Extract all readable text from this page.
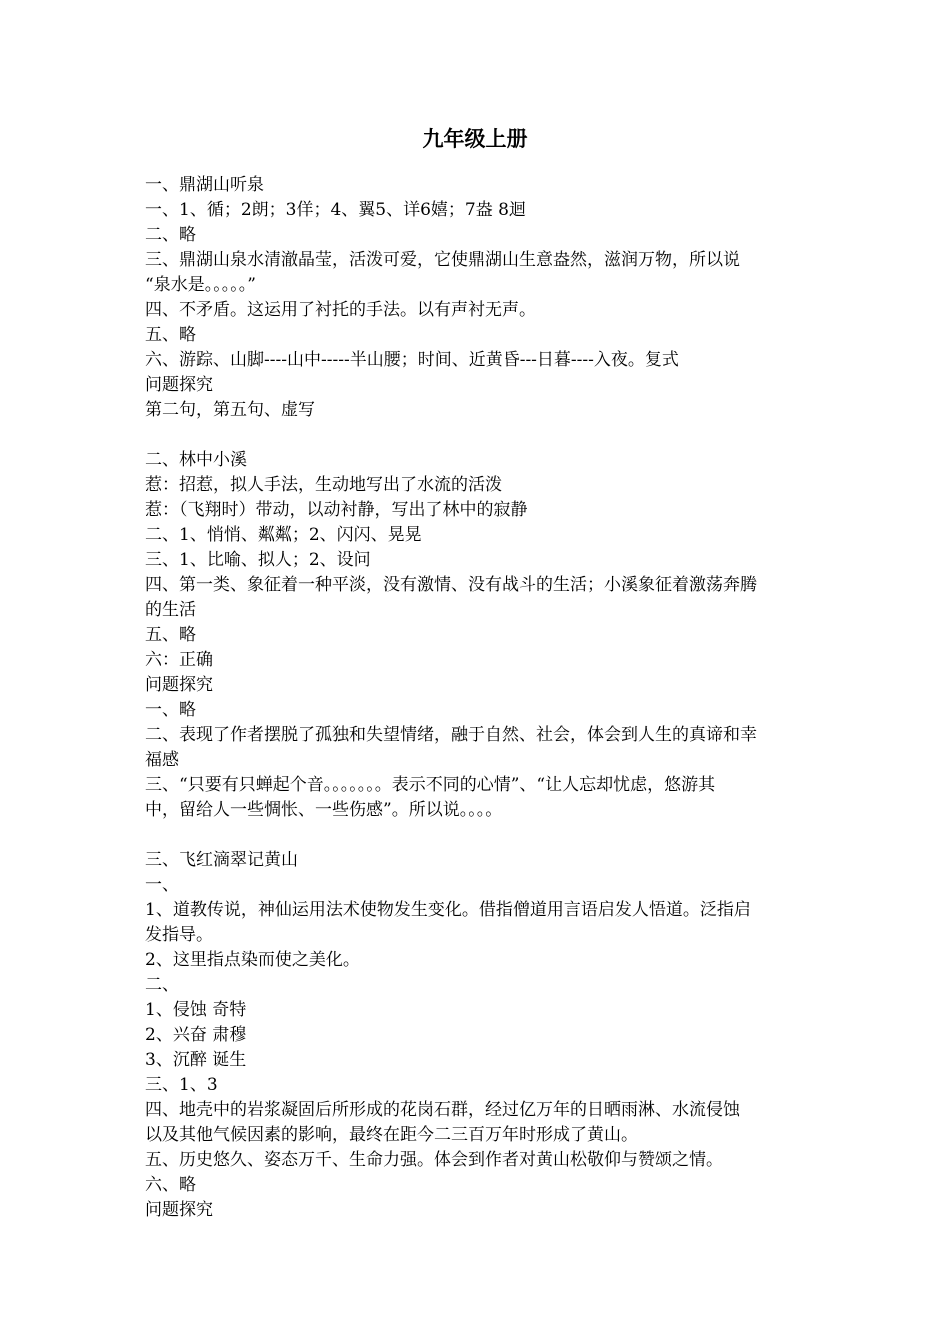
九年级上册
一、鼎湖山听泉
一、1、循；2朗；3佯；4、翼5、详6嬉；7盎 8迴
二、略
三、鼎湖山泉水清澈晶莹，活泼可爱，它使鼎湖山生意盎然，滋润万物，所以说
“泉水是。。。。。”
四、不矛盾。这运用了衬托的手法。以有声衬无声。
五、略
六、游踪、山脚----山中-----半山腰；时间、近黄昏---日暮----入夜。复式
问题探究
第二句，第五句、虚写
二、林中小溪
惹：招惹，拟人手法，生动地写出了水流的活泼
惹：（飞翔时）带动，以动衬静，写出了林中的寂静
二、1、悄悄、粼粼；2、闪闪、晃晃
三、1、比喻、拟人；2、设问
四、第一类、象征着一种平淡，没有激情、没有战斗的生活；小溪象征着激荡奔腾
的生活
五、略
六：正确
问题探究
一、略
二、表现了作者摆脱了孤独和失望情绪，融于自然、社会，体会到人生的真谛和幸
福感
三、“只要有只蝉起个音。。。。。。。表示不同的心情”、“让人忘却忧虑，悠游其
中，留给人一些惆怅、一些伤感”。所以说。。。。
三、飞红滴翠记黄山
一、
1、道教传说，神仙运用法术使物发生变化。借指僧道用言语启发人悟道。泛指启
发指导。
2、这里指点染而使之美化。
二、
1、侵蚀 奇特
2、兴奋 肃穆
3、沉醉 诞生
三、1、3
四、地壳中的岩浆凝固后所形成的花岗石群，经过亿万年的日晒雨淋、水流侵蚀
以及其他气候因素的影响，最终在距今二三百万年时形成了黄山。
五、历史悠久、姿态万千、生命力强。体会到作者对黄山松敬仰与赞颂之情。
六、略
问题探究
